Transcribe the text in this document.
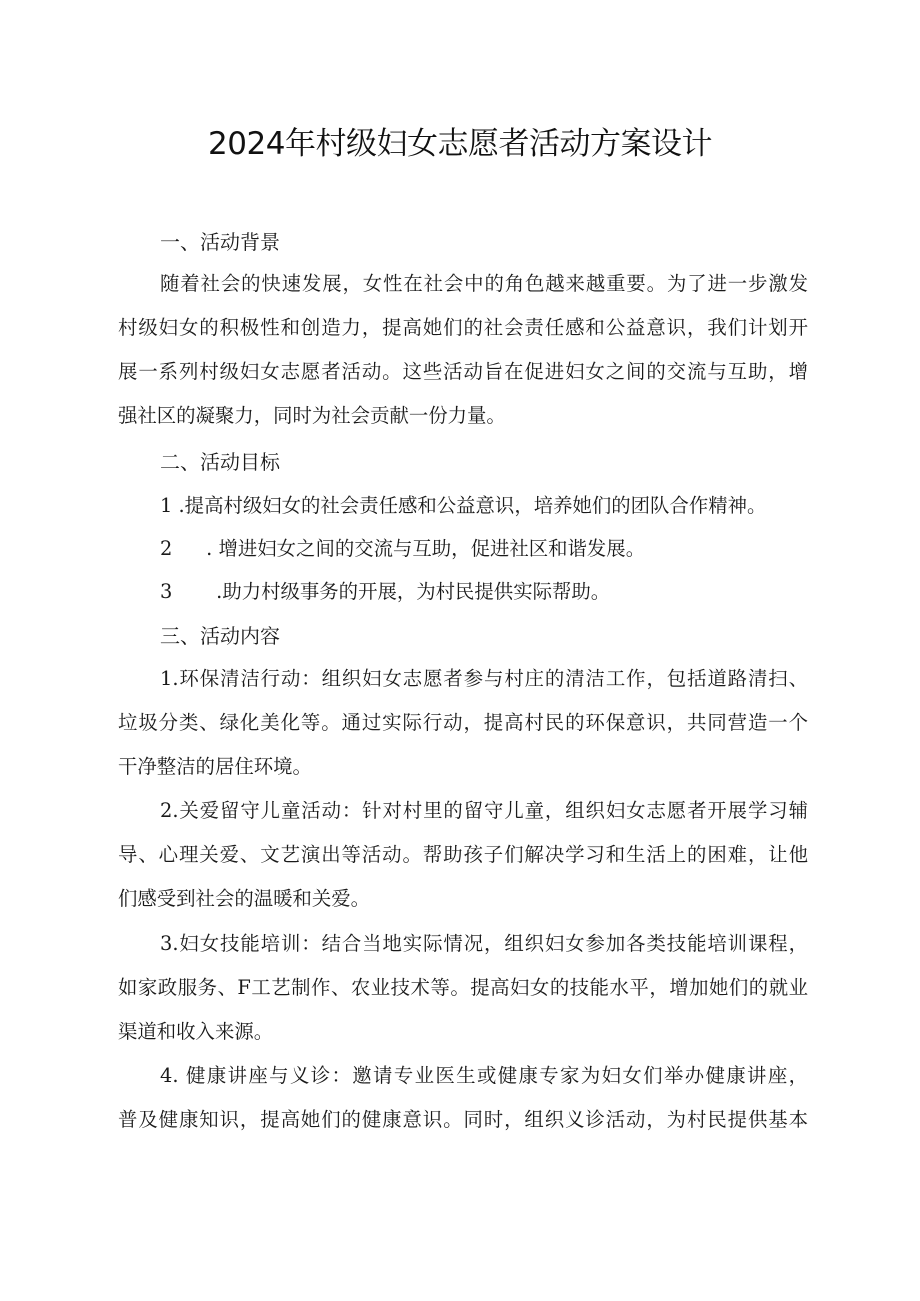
2024年村级妇女志愿者活动方案设计
一、活动背景
随着社会的快速发展，女性在社会中的角色越来越重要。为了进一步激发
村级妇女的积极性和创造力，提高她们的社会责任感和公益意识，我们计划开
展一系列村级妇女志愿者活动。这些活动旨在促进妇女之间的交流与互助，增
强社区的凝聚力，同时为社会贡献一份力量。
二、活动目标
1 .提高村级妇女的社会责任感和公益意识，培养她们的团队合作精神。
2 . 增进妇女之间的交流与互助，促进社区和谐发展。
3 .助力村级事务的开展，为村民提供实际帮助。
三、活动内容
1.环保清洁行动：组织妇女志愿者参与村庄的清洁工作，包括道路清扫、
垃圾分类、绿化美化等。通过实际行动，提高村民的环保意识，共同营造一个
干净整洁的居住环境。
2.关爱留守儿童活动：针对村里的留守儿童，组织妇女志愿者开展学习辅
导、心理关爱、文艺演出等活动。帮助孩子们解决学习和生活上的困难，让他
们感受到社会的温暖和关爱。
3.妇女技能培训：结合当地实际情况，组织妇女参加各类技能培训课程，
如家政服务、F工艺制作、农业技术等。提高妇女的技能水平，增加她们的就业
渠道和收入来源。
4. 健康讲座与义诊：邀请专业医生或健康专家为妇女们举办健康讲座，
普及健康知识，提高她们的健康意识。同时，组织义诊活动，为村民提供基本
